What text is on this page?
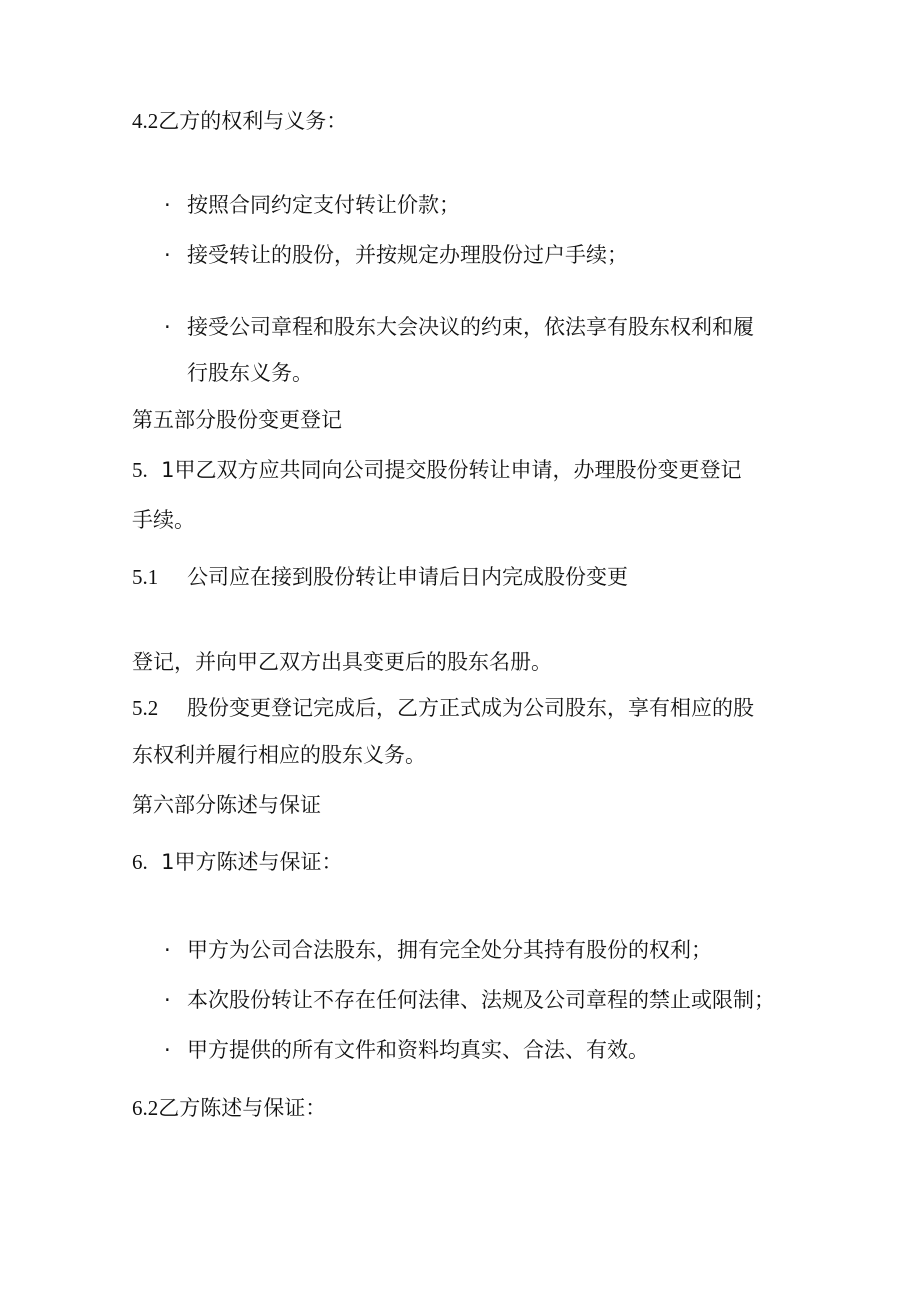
4.2乙方的权利与义务：

· 按照合同约定支付转让价款；

· 接受转让的股份，并按规定办理股份过户手续；

· 接受公司章程和股东大会决议的约束，依法享有股东权利和履

行股东义务。

第五部分股份变更登记

5. 1甲乙双方应共同向公司提交股份转让申请，办理股份变更登记

手续。

5.1 公司应在接到股份转让申请后日内完成股份变更

登记，并向甲乙双方出具变更后的股东名册。

5.2 股份变更登记完成后，乙方正式成为公司股东，享有相应的股

东权利并履行相应的股东义务。

第六部分陈述与保证

6. 1甲方陈述与保证：

· 甲方为公司合法股东，拥有完全处分其持有股份的权利；

· 本次股份转让不存在任何法律、法规及公司章程的禁止或限制；

· 甲方提供的所有文件和资料均真实、合法、有效。

6.2乙方陈述与保证：
